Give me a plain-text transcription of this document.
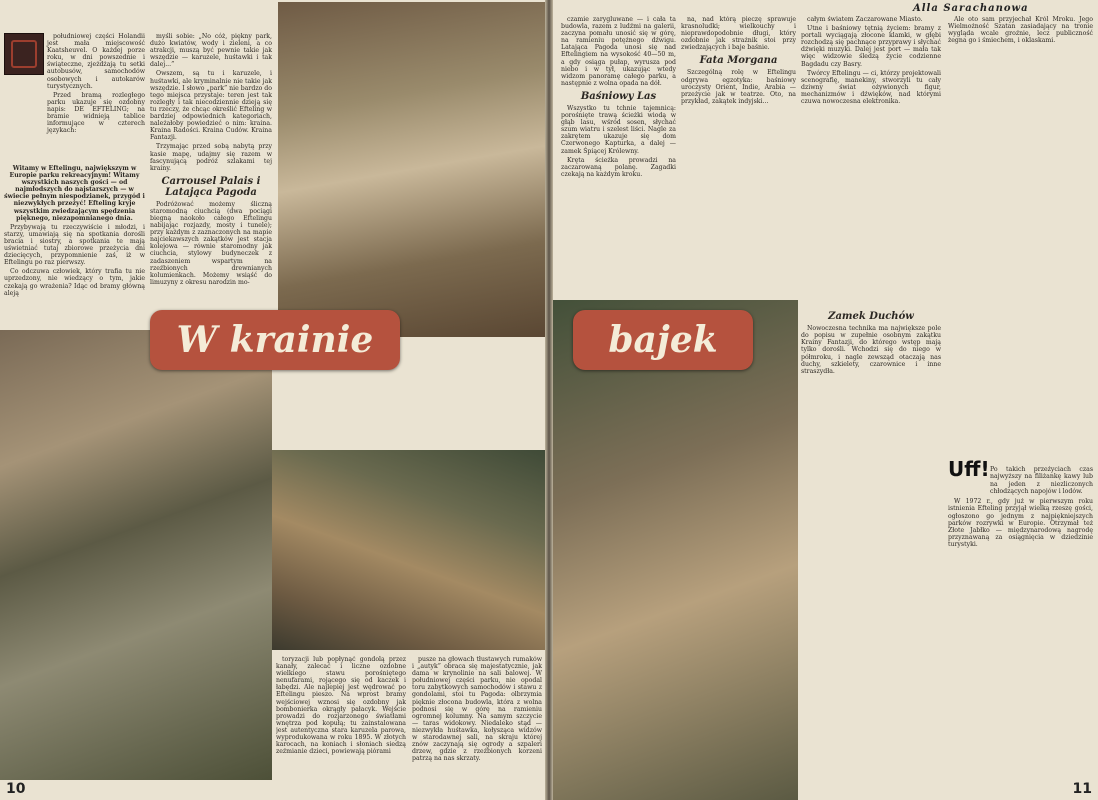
południowej części Holandii jest mała miejscowość Kaatsheuvel. O każdej porze roku, w dni powszednie i świąteczne, zjeżdżają tu setki autobusów, samochodów osobowych i autokarów turystycznych.

Przed bramą rozległego parku ukazuje się ozdobny napis: DE EFTELING; na bramie widnieją tablice informujące w czterech językach:

Witamy w Eftelingu, największym w Europie parku rekreacyjnym! Witamy wszystkich naszych gości — od najmłodszych do najstarszych — w świecie pełnym niespodzianek, przygód i niezwykłych przeżyć! Efteling kryje wszystkim zwiedzającym spędzenia pięknego, niezapomnianego dnia.

Przybywają tu rzeczywiście i młodzi, i starzy, umawiają się na spotkania dorośli bracia i siostry, a spotkania te mają uświetniać tutaj zbiorowe przeżycia dni dziecięcych, przypomnienie zaś, iż w Eftelingu po raz pierwszy.

Co odczuwa człowiek, który trafia tu nie uprzedzony, nie wiedzący o tym, jakie czekają go wrażenia? Idąc od bramy główną aleją

myśli sobie: „No cóż, piękny park, dużo kwiatów, wody i zieleni, a co atrakcji, muszą być pewnie takie jak wszędzie — karuzele, huśtawki i tak dalej...”

Owszem, są tu i karuzele, i huśtawki, ale kryminalnie nie takie jak wszędzie. I słowo „park” nie bardzo do tego miejsca przystaje: teren jest tak rozległy i tak niecodziennie dzieją się tu rzeczy, że chcąc określić Efteling w bardziej odpowiednich kategoriach, należałoby powiedzieć o nim: kraina. Kraina Radości. Kraina Cudów. Kraina Fantazji.

Trzymając przed sobą nabytą przy kasie mapę, udajmy się razem w fascynującą podróż szlakami tej krainy.

Carrousel Palais i Latająca Pagoda

Podróżować możemy śliczną staromodną ciuchcią (dwa pociągi biegną naokoło całego Eftelingu nabijając rozjazdy, mosty i tunele); przy każdym z zaznaczonych na mapie najciekawszych zakątków jest stacja kolejowa — równie staromodny jak ciuchcia, stylowy budyneczek z zadaszeniem wspartym na rzeźbionych drewnianych kolumienkach. Możemy wsiąść do limuzyny z okresu narodzin mo-

W krainie

toryzacji lub popłynąć gondolą przez kanały, zalecać i liczne ozdobne wielkiego stawu porośniętego nenufarami, rojącego się od kaczek i łabędzi. Ale najlepiej jest wędrować po Eftelingu pieszo. Na wprost bramy wejściowej wznosi się ozdobny jak bombonierka okrągły pałacyk. Wejście prowadzi do rozjarzonego światłami wnętrza pod kopułą; tu zainstalowana jest autentyczna stara karuzela parowa, wyprodukowana w roku 1895. W złotych karocach, na koniach i słoniach siedzą zeźmianie dzieci, powiewają piórami

pusze na głowach tłustawych rumaków i „autyk” obraca się majestatycznie, jak dama w krynolinie na sali balowej. W południowej części parku, nie opodal toru zabytkowych samochodów i stawu z gondolami, stoi tu Pagoda: olbrzymia pięknie złocona budowla, która z wolna podnosi się w górę na ramieniu ogromnej kolumny. Na samym szczycie — taras widokowy. Niedaleko stąd — niezwykła huśtawka, kołysząca widzów w starodawnej sali, na skraju której znów zaczynają się ogrody a szpaleri drzew, gdzie z rzeźbionych korzeni patrzą na nas skrzaty.

10
Alla Sarachanowa

czamie zarygluwane — i cała ta budowla, razem z ludźmi na galerii, zaczyna pomału unosić się w górę, na ramieniu potężnego dźwigu. Latająca Pagoda unosi się nad Eftelingiem na wysokość 40—50 m, a gdy osiąga pułap, wyrusza pod niebo i w tył, ukazując wtedy widzom panoramę całego parku, a następnie z wolna opada na dół.

Baśniowy Las

Wszystko tu tchnie tajemnicą: porośnięte trawą ścieżki wiodą w głąb lasu, wśród sosen, słychać szum wiatru i szelest liści. Nagle za zakrętem ukazuje się dom Czerwonego Kapturka, a dalej — zamek Śpiącej Królewny.

Kręta ścieżka prowadzi na zaczarowaną polanę. Zagadki czekają na każdym kroku.

na, nad którą pieczę sprawuje krasnoludki; wielkouchy i nieprawdopodobnie długi, który ozdobnie jak strażnik stoi przy zwiedzających i baje baśnie.

Fata Morgana

Szczególną rolę w Eftelingu odgrywa egzotyka: baśniowy uroczysty Orient, Indie, Arabia — przeżycie jak w teatrze. Oto, na przykład, zakątek indyjski...

całym światem Zaczarowane Miasto.

Utne i baśniowy tętnią życiem: bramy z portali wyciągają złocone klamki, w głębi rozchodzą się pachnące przyprawy i słychać dźwięki muzyki. Dalej jest port — mała tak więc widzowie śledzą życie codzienne Bagdadu czy Basry.

Twórcy Eftelingu — ci, którzy projektowali scenografię, manekiny, stworzyli tu cały dziwny świat ożywionych figur, mechanizmów i dźwięków, nad którymi czuwa nowoczesna elektronika.

Zamek Duchów

Nowoczesna technika ma największe pole do popisu w zupełnie osobnym zakątku Krainy Fantazji, do którego wstęp mają tylko dorośli. Wchodzi się do niego w półmroku, i nagle zewsząd otaczają nas duchy, szkielety, czarownice i inne straszydła.

bajek

Ale oto sam przyjechał Król Mroku. Jego Wielmożność Szatan zasiadający na tronie wygląda wcale groźnie, lecz publiczność żegna go i śmiechem, i oklaskami.

Uff! Po takich przeżyciach czas najwyższy na filiżankę kawy lub na jeden z niezliczonych chłodzących napojów i lodów.

W 1972 r., gdy już w pierwszym roku istnienia Efteling przyjął wielką rzeszę gości, ogłoszono go jednym z najpiękniejszych parków rozrywki w Europie. Otrzymał też Złote Jabłko — międzynarodową nagrodę przyznawaną za osiągnięcia w dziedzinie turystyki.

11
